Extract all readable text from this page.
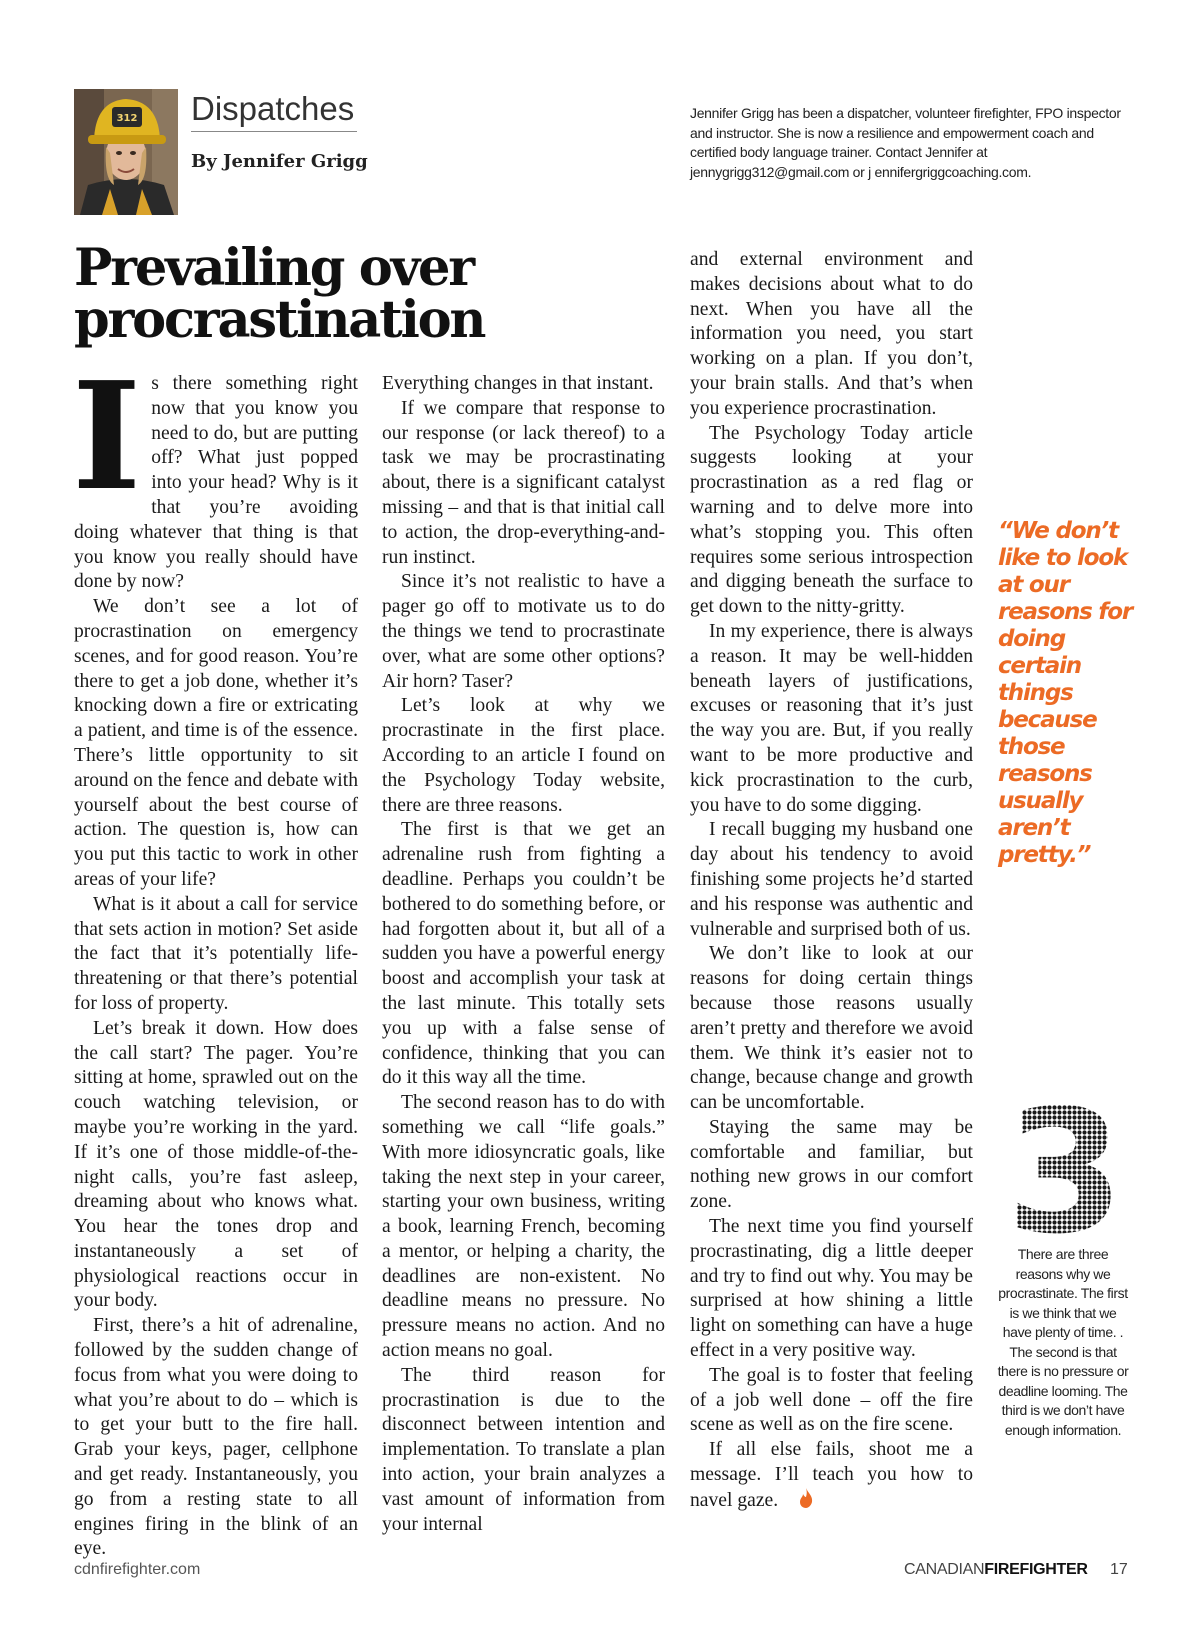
312 Dispatches
By Jennifer Grigg
Jennifer Grigg has been a dispatcher, volunteer firefighter, FPO inspector and instructor. She is now a resilience and empowerment coach and certified body language trainer. Contact Jennifer at jennygrigg312@gmail.com or j ennifergriggcoaching.com.
Prevailing over procrastination

Is there something right now that you know you need to do, but are putting off? What just popped into your head? Why is it that you’re avoiding doing whatever that thing is that you know you really should have done by now?

We don’t see a lot of procrastination on emergency scenes, and for good reason. You’re there to get a job done, whether it’s knocking down a fire or extricating a patient, and time is of the essence. There’s little opportunity to sit around on the fence and debate with yourself about the best course of action. The question is, how can you put this tactic to work in other areas of your life?

What is it about a call for service that sets action in motion? Set aside the fact that it’s potentially life-threatening or that there’s potential for loss of property.

Let’s break it down. How does the call start? The pager. You’re sitting at home, sprawled out on the couch watching television, or maybe you’re working in the yard. If it’s one of those middle-of-the-night calls, you’re fast asleep, dreaming about who knows what. You hear the tones drop and instantaneously a set of physiological reactions occur in your body.

First, there’s a hit of adrenaline, followed by the sudden change of focus from what you were doing to what you’re about to do – which is to get your butt to the fire hall. Grab your keys, pager, cellphone and get ready. Instantaneously, you go from a resting state to all engines firing in the blink of an eye.

Everything changes in that instant.

If we compare that response to our response (or lack thereof) to a task we may be procrastinating about, there is a significant catalyst missing – and that is that initial call to action, the drop-everything-and-run instinct.

Since it’s not realistic to have a pager go off to motivate us to do the things we tend to procrastinate over, what are some other options? Air horn? Taser?

Let’s look at why we procrastinate in the first place. According to an article I found on the Psychology Today website, there are three reasons.

The first is that we get an adrenaline rush from fighting a deadline. Perhaps you couldn’t be bothered to do something before, or had forgotten about it, but all of a sudden you have a powerful energy boost and accomplish your task at the last minute. This totally sets you up with a false sense of confidence, thinking that you can do it this way all the time.

The second reason has to do with something we call “life goals.” With more idiosyncratic goals, like taking the next step in your career, starting your own business, writing a book, learning French, becoming a mentor, or helping a charity, the deadlines are non-existent. No deadline means no pressure. No pressure means no action. And no action means no goal.

The third reason for procrastination is due to the disconnect between intention and implementation. To translate a plan into action, your brain analyzes a vast amount of information from your internal

and external environment and makes decisions about what to do next. When you have all the information you need, you start working on a plan. If you don’t, your brain stalls. And that’s when you experience procrastination.

The Psychology Today article suggests looking at your procrastination as a red flag or warning and to delve more into what’s stopping you. This often requires some serious introspection and digging beneath the surface to get down to the nitty-gritty.

In my experience, there is always a reason. It may be well-hidden beneath layers of justifications, excuses or reasoning that it’s just the way you are. But, if you really want to be more productive and kick procrastination to the curb, you have to do some digging.

I recall bugging my husband one day about his tendency to avoid finishing some projects he’d started and his response was authentic and vulnerable and surprised both of us.

We don’t like to look at our reasons for doing certain things because those reasons usually aren’t pretty and therefore we avoid them. We think it’s easier not to change, because change and growth can be uncomfortable.

Staying the same may be comfortable and familiar, but nothing new grows in our comfort zone.

The next time you find yourself procrastinating, dig a little deeper and try to find out why. You may be surprised at how shining a little light on something can have a huge effect in a very positive way.

The goal is to foster that feeling of a job well done – off the fire scene as well as on the fire scene.

If all else fails, shoot me a message. I’ll teach you how to navel gaze.

“We don’t like to look at our reasons for doing certain things because those reasons usually aren’t pretty.”
3
There are three reasons why we procrastinate. The first is we think that we have plenty of time. . The second is that there is no pressure or deadline looming. The third is we don’t have enough information.
cdnfirefighter.com	CANADIANFIREFIGHTER 17
